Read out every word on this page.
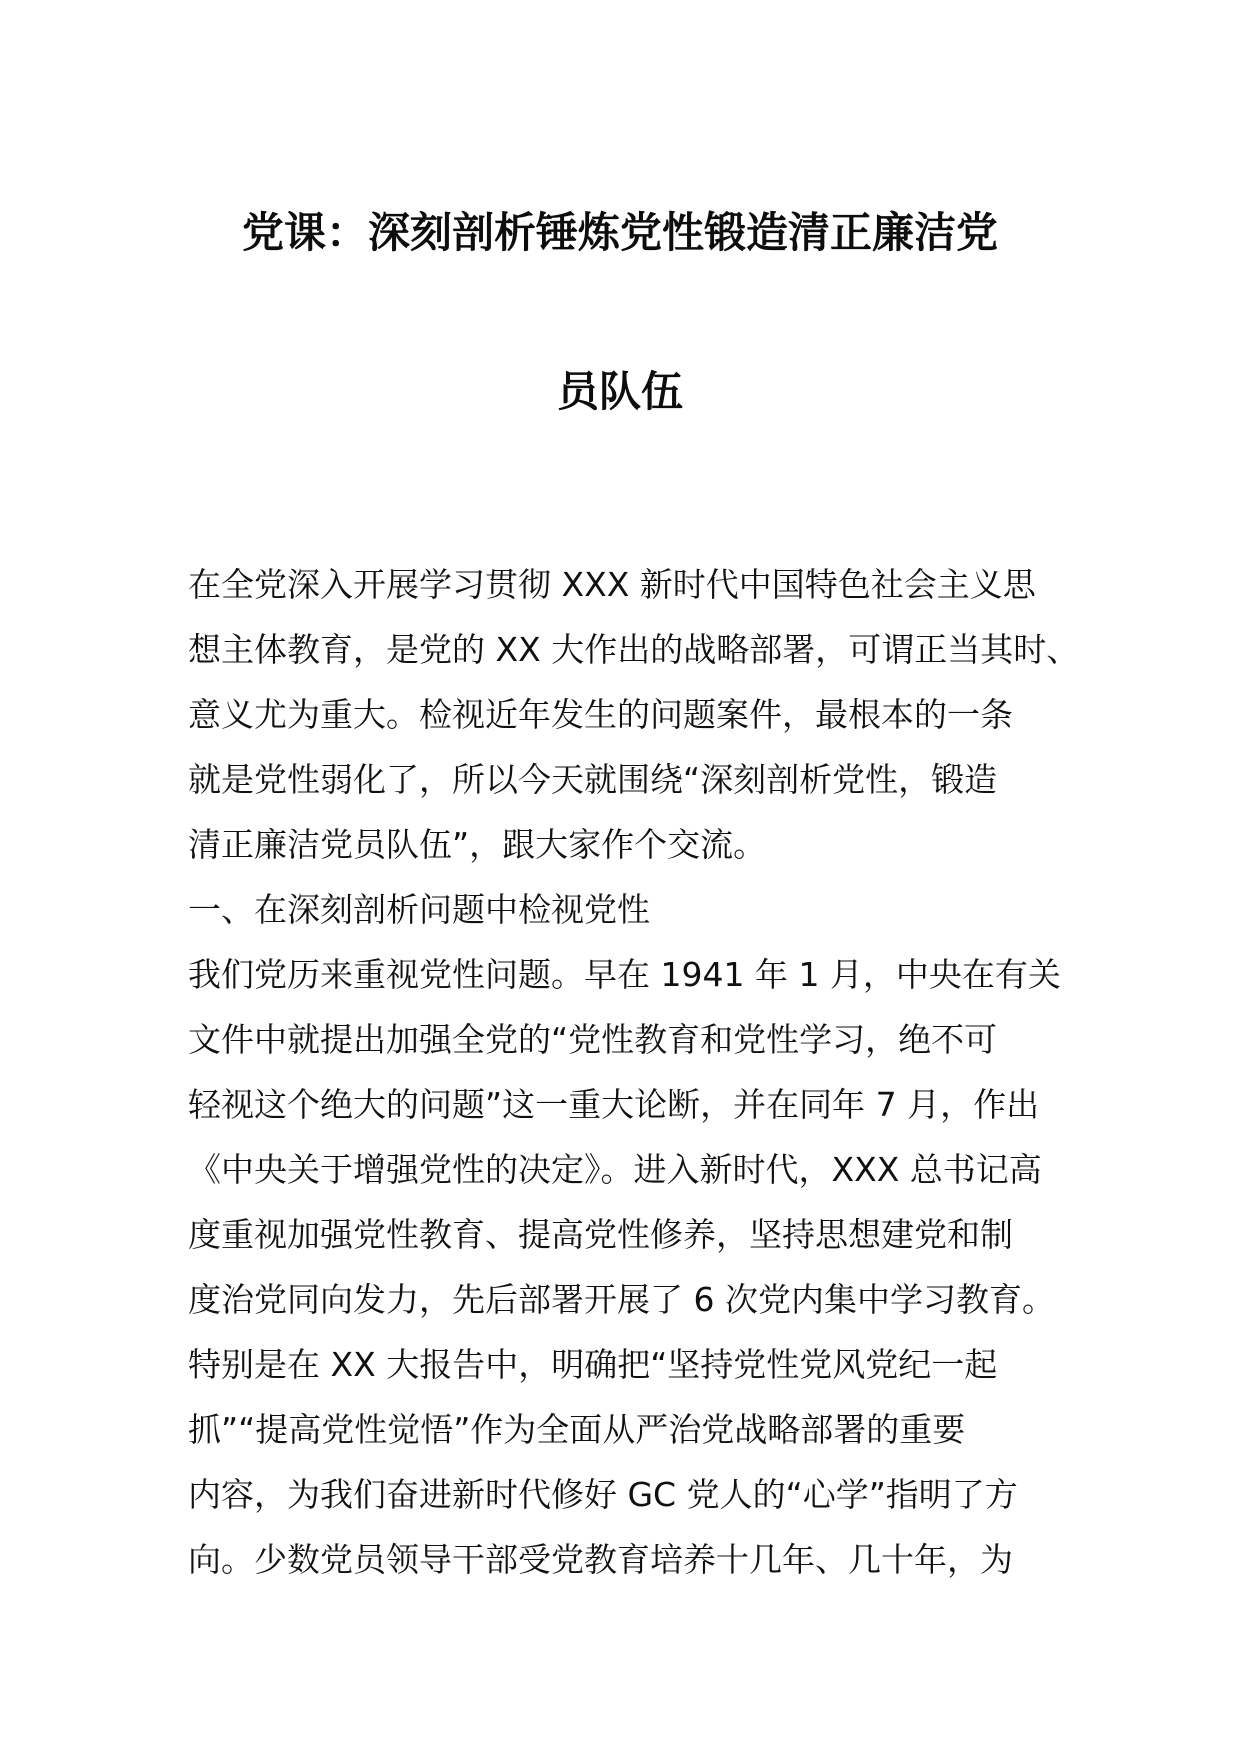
党课：深刻剖析锤炼党性锻造清正廉洁党
员队伍
在全党深入开展学习贯彻 XXX 新时代中国特色社会主义思
想主体教育，是党的 XX 大作出的战略部署，可谓正当其时、
意义尤为重大。检视近年发生的问题案件，最根本的一条
就是党性弱化了，所以今天就围绕“深刻剖析党性，锻造
清正廉洁党员队伍”，跟大家作个交流。
一、在深刻剖析问题中检视党性
我们党历来重视党性问题。早在 1941 年 1 月，中央在有关
文件中就提出加强全党的“党性教育和党性学习，绝不可
轻视这个绝大的问题”这一重大论断，并在同年 7 月，作出
《中央关于增强党性的决定》。进入新时代，XXX 总书记高
度重视加强党性教育、提高党性修养，坚持思想建党和制
度治党同向发力，先后部署开展了 6 次党内集中学习教育。
特别是在 XX 大报告中，明确把“坚持党性党风党纪一起
抓”“提高党性觉悟”作为全面从严治党战略部署的重要
内容，为我们奋进新时代修好 GC 党人的“心学”指明了方
向。少数党员领导干部受党教育培养十几年、几十年，为
